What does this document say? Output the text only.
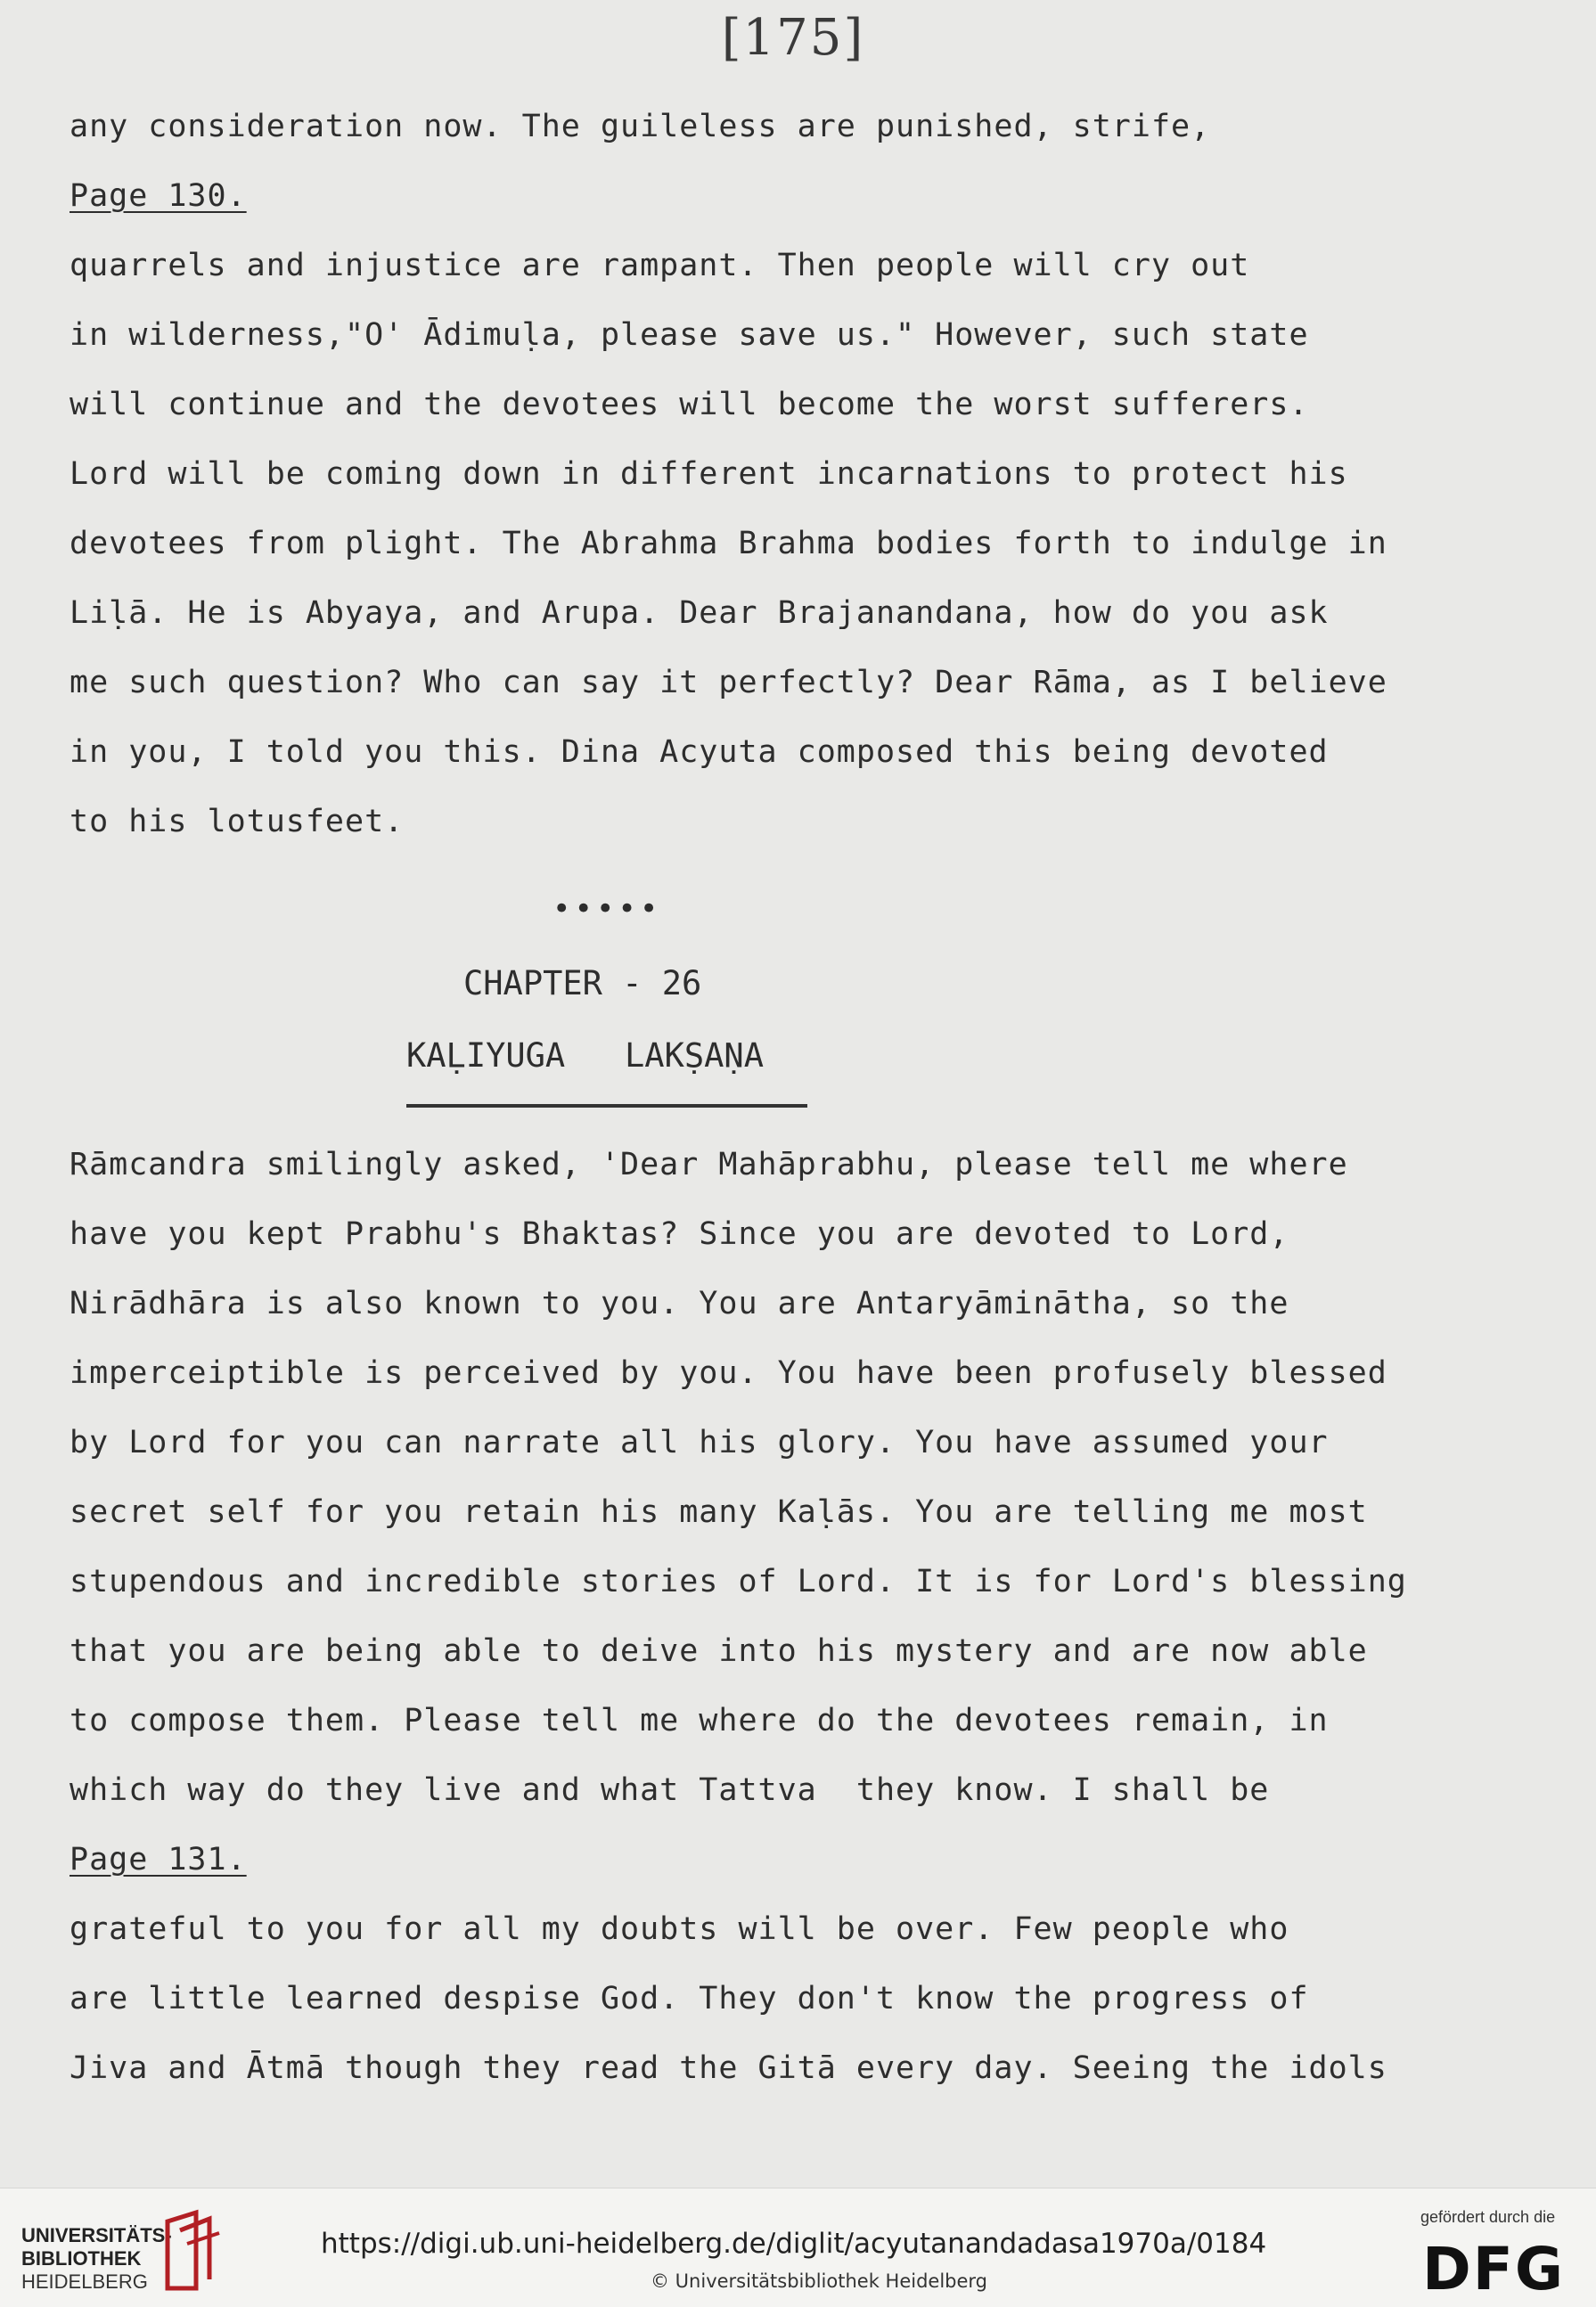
[175]
any consideration now. The guileless are punished, strife,
Page 130.
quarrels and injustice are rampant. Then people will cry out
in wilderness,"O' Ādimuḷa, please save us." However, such state
will continue and the devotees will become the worst sufferers.
Lord will be coming down in different incarnations to protect his
devotees from plight. The Abrahma Brahma bodies forth to indulge in
Liḷā. He is Abyaya, and Arupa. Dear Brajanandana, how do you ask
me such question? Who can say it perfectly? Dear Rāma, as I believe
in you, I told you this. Dina Acyuta composed this being devoted
to his lotusfeet.
•••••
CHAPTER - 26
KAḶIYUGA   LAKṢAṆA
Rāmcandra smilingly asked, 'Dear Mahāprabhu, please tell me where
have you kept Prabhu's Bhaktas? Since you are devoted to Lord,
Nirādhāra is also known to you. You are Antaryāminātha, so the
imperceiptible is perceived by you. You have been profusely blessed
by Lord for you can narrate all his glory. You have assumed your
secret self for you retain his many Kaḷās. You are telling me most
stupendous and incredible stories of Lord. It is for Lord's blessing
that you are being able to deive into his mystery and are now able
to compose them. Please tell me where do the devotees remain, in
which way do they live and what Tattva  they know. I shall be
Page 131.
grateful to you for all my doubts will be over. Few people who
are little learned despise God. They don't know the progress of
Jiva and Ātmā though they read the Gitā every day. Seeing the idols
UNIVERSITÄTS-
BIBLIOTHEK
HEIDELBERG
https://digi.ub.uni-heidelberg.de/diglit/acyutanandadasa1970a/0184
© Universitätsbibliothek Heidelberg
gefördert durch die
DFG
